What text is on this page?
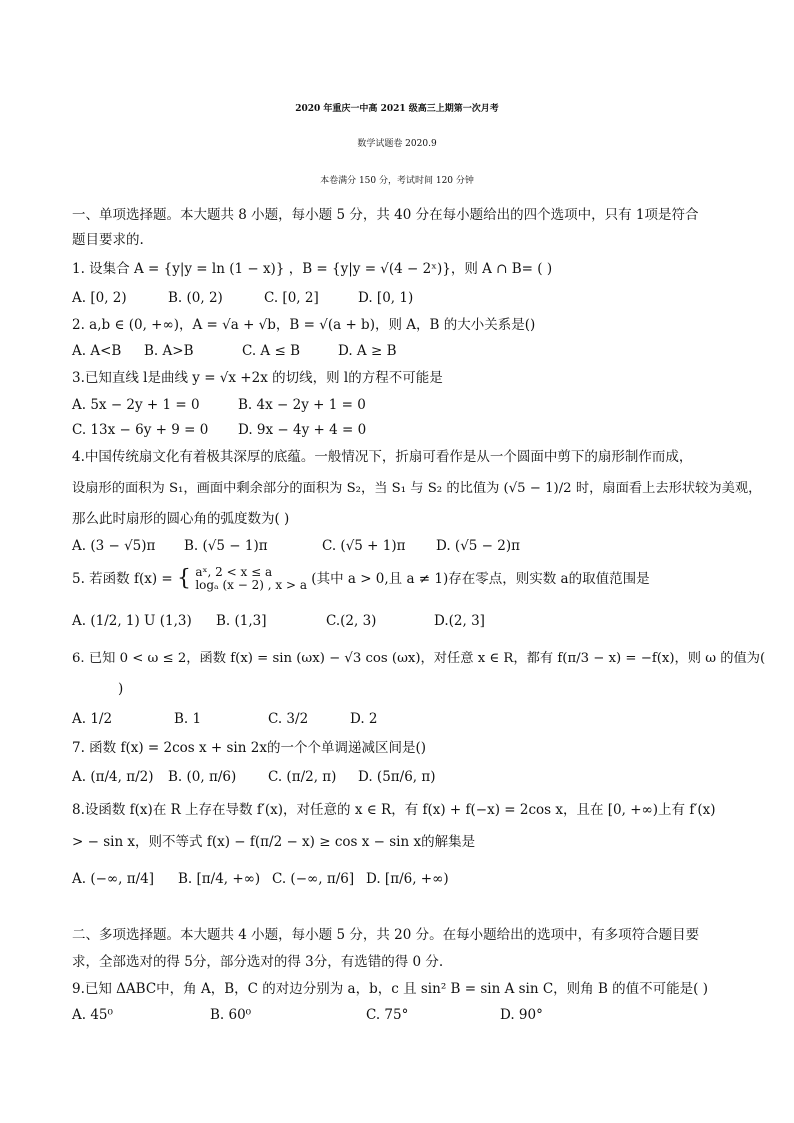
2020 年重庆一中高 2021 级高三上期第一次月考
数学试题卷 2020.9
本卷满分 150 分，考试时间 120 分钟
一、单项选择题。本大题共 8 小题，每小题 5 分，共 40 分在每小题给出的四个选项中，只有 1项是符合
题目要求的.
1. 设集合 A = {y|y = ln (1 − x)} ，B = {y|y = √(4 − 2ˣ)}，则 A ∩ B= ( )
A. [0, 2)	B. (0, 2)	C. [0, 2]	D. [0, 1)
2. a,b ∈ (0, +∞)，A = √a + √b，B = √(a + b)，则 A，B 的大小关系是()
A. A<B B. A>B	C. A ≤ B	D. A ≥ B
3.已知直线 l是曲线 y = √x +2x 的切线，则 l的方程不可能是
A. 5x − 2y + 1 = 0	B. 4x − 2y + 1 = 0
C. 13x − 6y + 9 = 0 D. 9x − 4y + 4 = 0
4.中国传统扇文化有着极其深厚的底蕴。一般情况下，折扇可看作是从一个圆面中剪下的扇形制作而成，
设扇形的面积为 S₁，画面中剩余部分的面积为 S₂，当 S₁ 与 S₂ 的比值为 (√5 − 1)/2 时，扇面看上去形状较为美观，
那么此时扇形的圆心角的弧度数为( )
A. (3 − √5)π B. (√5 − 1)π	C. (√5 + 1)π D. (√5 − 2)π
5. 若函数 f(x) = { aˣ, 2 < x ≤ a
logₐ (x − 2) , x > a (其中 a > 0,且 a ≠ 1)存在零点，则实数 a的取值范围是
A. (1/2, 1) U (1,3) B. (1,3]	C.(2, 3)	D.(2, 3]
6. 已知 0 < ω ≤ 2，函数 f(x) = sin (ωx) − √3 cos (ωx)，对任意 x ∈ R，都有 f(π/3 − x) = −f(x)，则 ω 的值为(
)
A. 1/2	B. 1	C. 3/2	D. 2
7. 函数 f(x) = 2cos x + sin 2x的一个个单调递减区间是()
A. (π/4, π/2) B. (0, π/6) C. (π/2, π) D. (5π/6, π)
8.设函数 f(x)在 R 上存在导数 f′(x)，对任意的 x ∈ R，有 f(x) + f(−x) = 2cos x，且在 [0, +∞)上有 f′(x)
> − sin x，则不等式 f(x) − f(π/2 − x) ≥ cos x − sin x的解集是
A. (−∞, π/4] B. [π/4, +∞) C. (−∞, π/6] D. [π/6, +∞)
二、多项选择题。本大题共 4 小题，每小题 5 分，共 20 分。在每小题给出的选项中，有多项符合题目要
求，全部选对的得 5分，部分选对的得 3分，有选错的得 0 分.
9.已知 ΔABC中，角 A，B，C 的对边分别为 a，b，c 且 sin² B = sin A sin C，则角 B 的值不可能是( )
A. 45⁰	B. 60⁰	C. 75°	D. 90°
